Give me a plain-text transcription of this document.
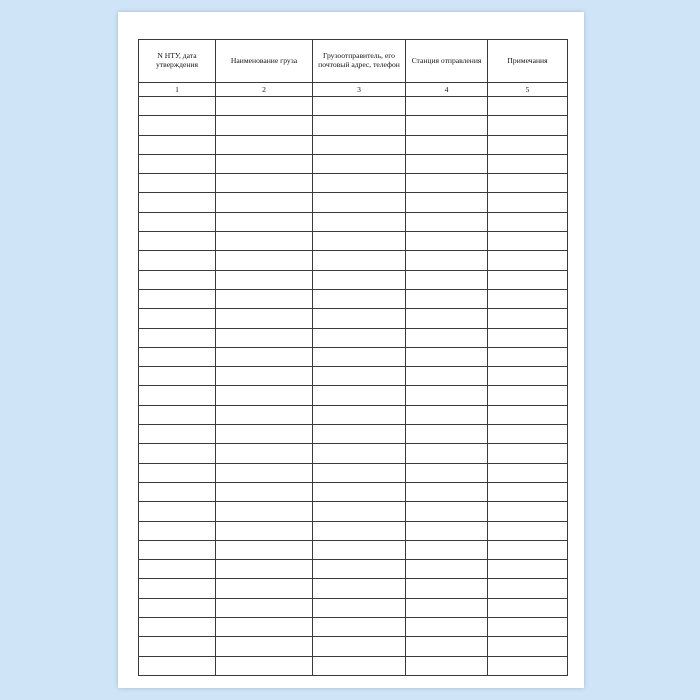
N НТУ, дата утверждения	Наименование груза	Грузоотправитель, его почтовый адрес, телефон	Станция отправления	Примечания
1	2	3	4	5
